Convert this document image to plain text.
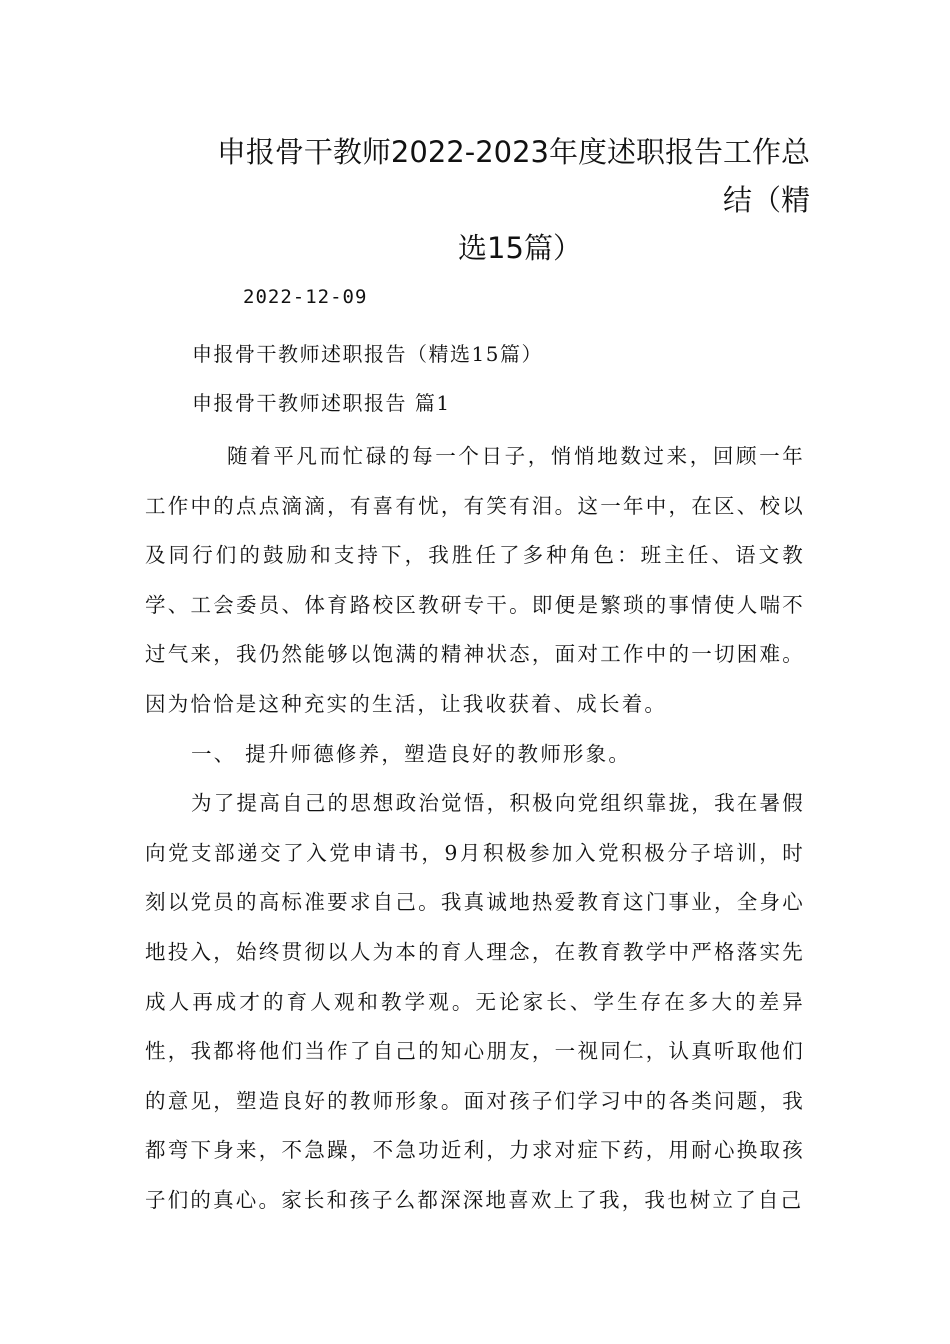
申报骨干教师2022-2023年度述职报告工作总结（精
选15篇）
2022-12-09
申报骨干教师述职报告（精选15篇）
申报骨干教师述职报告 篇1

随着平凡而忙碌的每一个日子，悄悄地数过来，回顾一年工作中的点点滴滴，有喜有忧，有笑有泪。这一年中，在区、校以及同行们的鼓励和支持下，我胜任了多种角色：班主任、语文教学、工会委员、体育路校区教研专干。即便是繁琐的事情使人喘不过气来，我仍然能够以饱满的精神状态，面对工作中的一切困难。因为恰恰是这种充实的生活，让我收获着、成长着。

一、 提升师德修养，塑造良好的教师形象。

为了提高自己的思想政治觉悟，积极向党组织靠拢，我在暑假向党支部递交了入党申请书，9月积极参加入党积极分子培训，时刻以党员的高标准要求自己。我真诚地热爱教育这门事业，全身心地投入，始终贯彻以人为本的育人理念，在教育教学中严格落实先成人再成才的育人观和教学观。无论家长、学生存在多大的差异性，我都将他们当作了自己的知心朋友，一视同仁，认真听取他们的意见，塑造良好的教师形象。面对孩子们学习中的各类问题，我都弯下身来，不急躁，不急功近利，力求对症下药，用耐心换取孩子们的真心。家长和孩子么都深深地喜欢上了我，我也树立了自己
